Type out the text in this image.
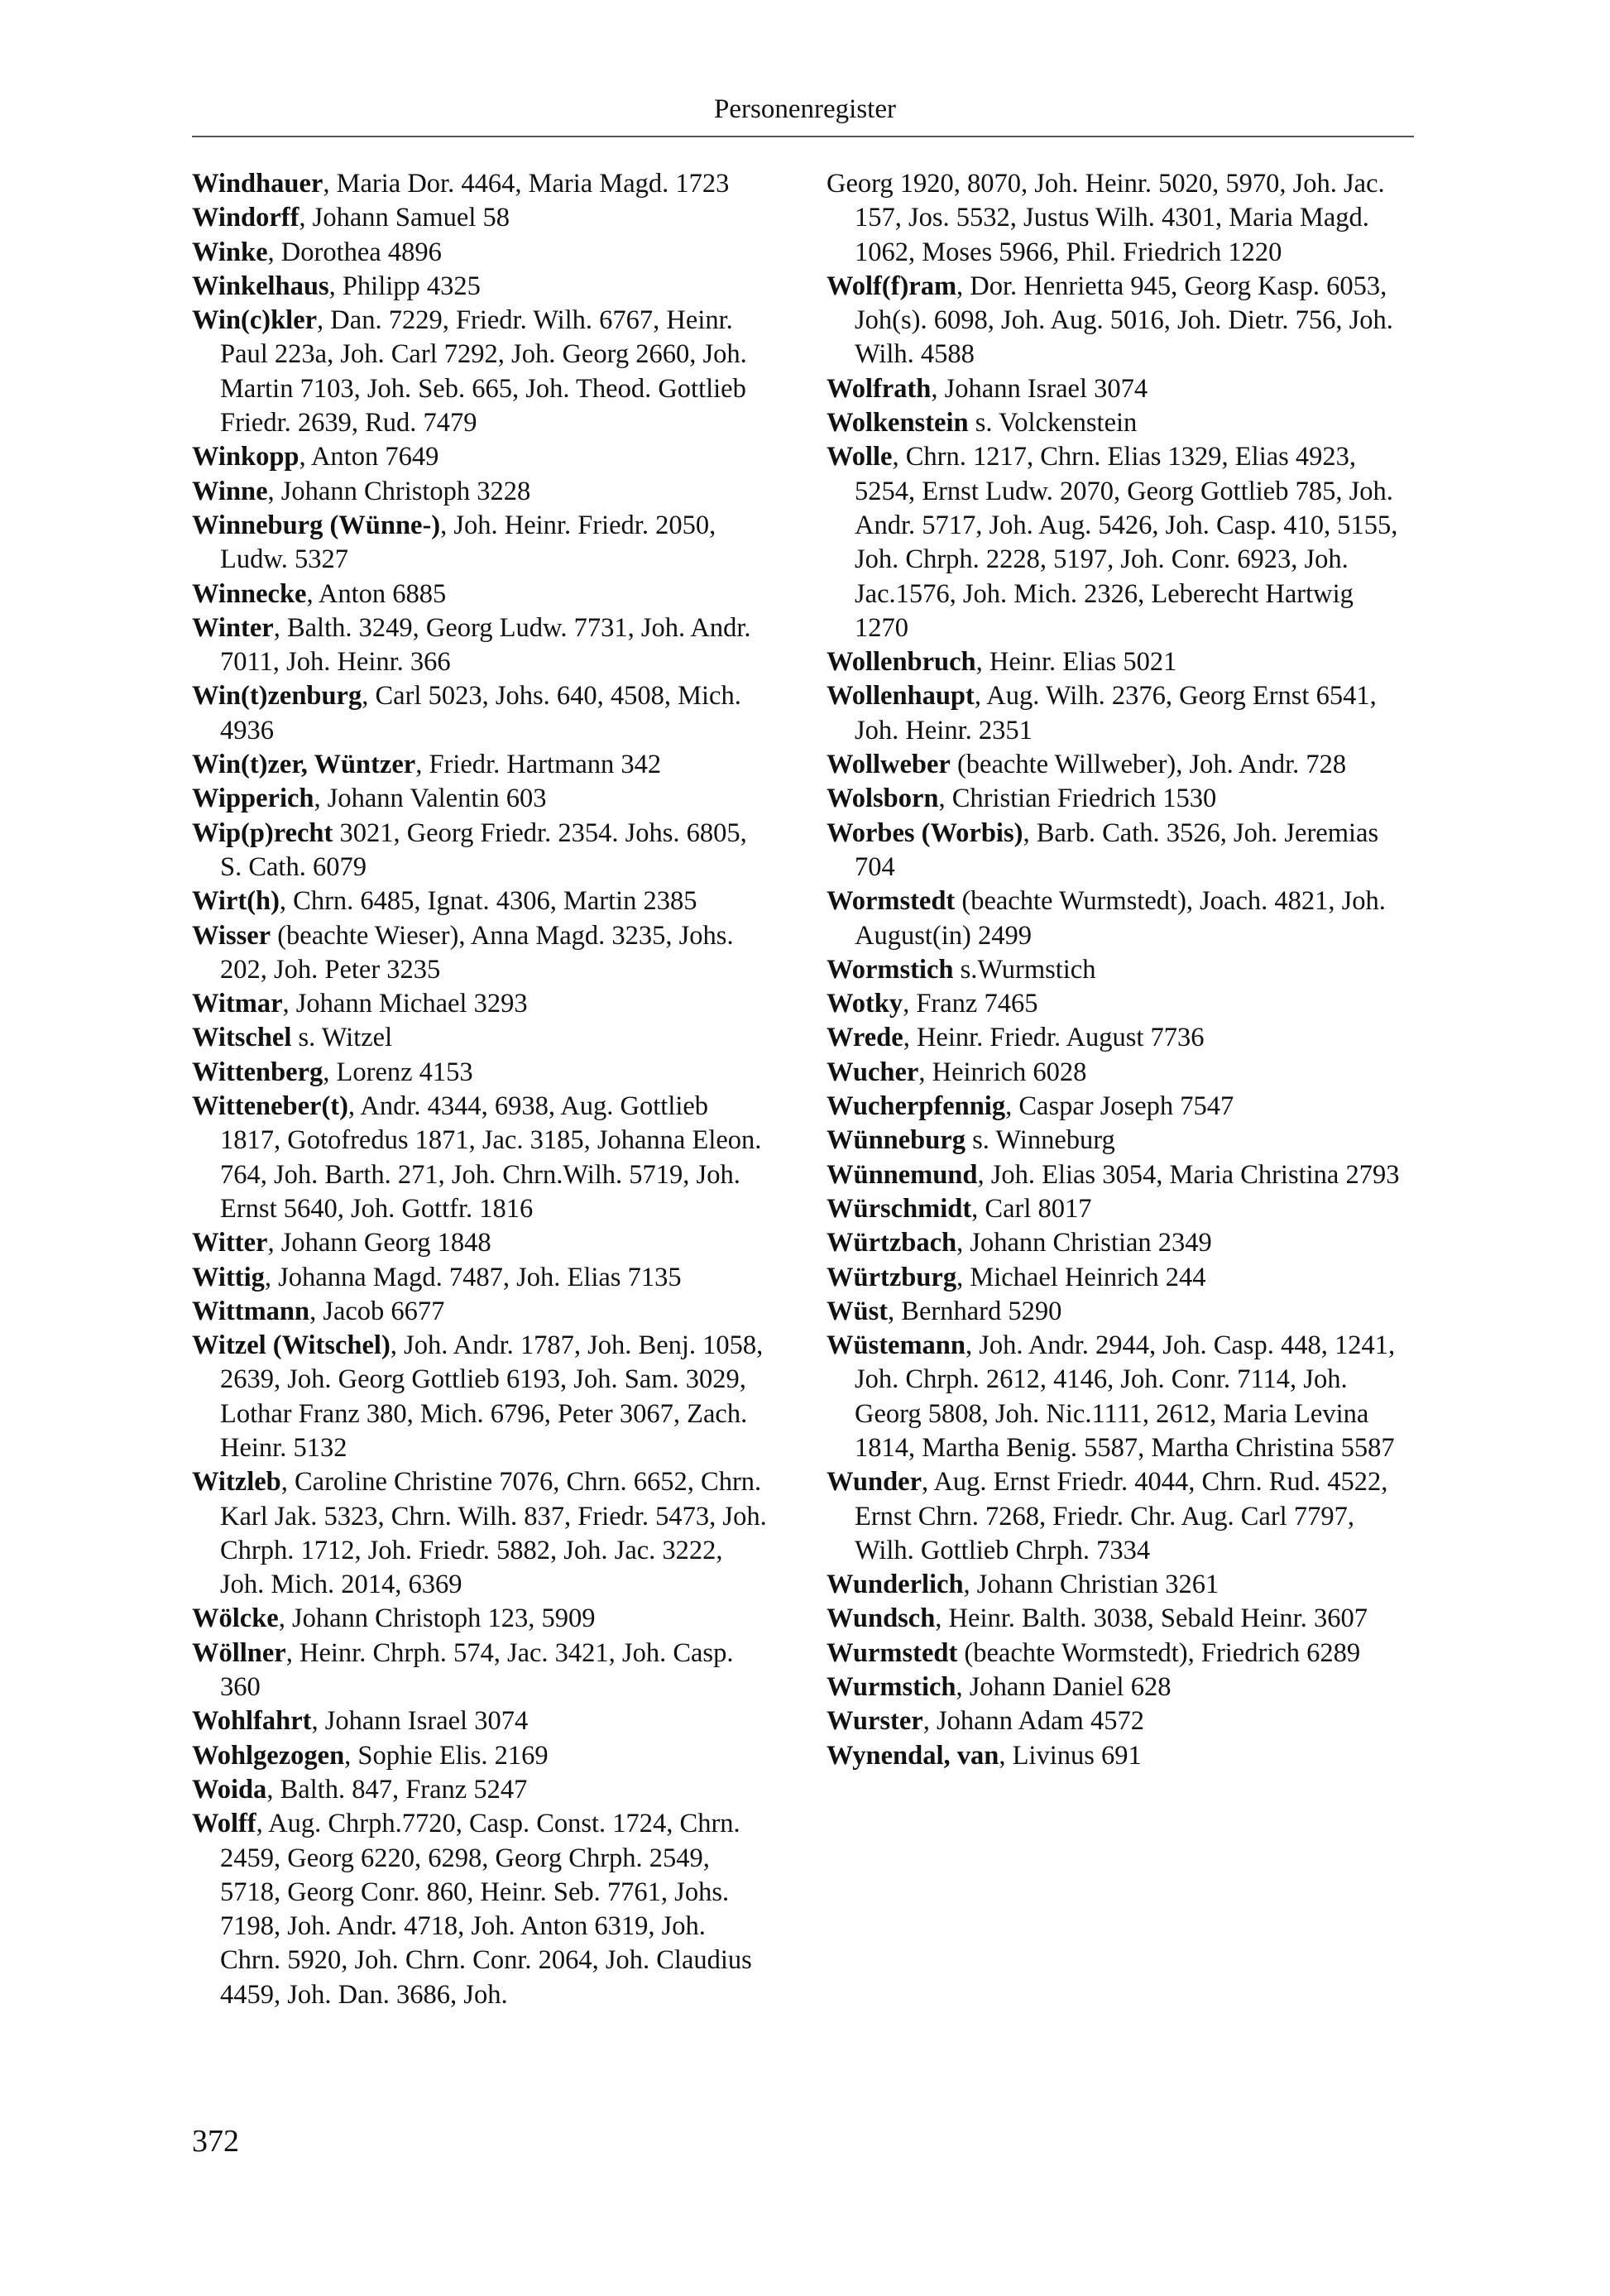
Personenregister
Windhauer, Maria Dor. 4464, Maria Magd. 1723
Windorff, Johann Samuel 58
Winke, Dorothea 4896
Winkelhaus, Philipp 4325
Win(c)kler, Dan. 7229, Friedr. Wilh. 6767, Heinr. Paul 223a, Joh. Carl 7292, Joh. Georg 2660, Joh. Martin 7103, Joh. Seb. 665, Joh. Theod. Gottlieb Friedr. 2639, Rud. 7479
Winkopp, Anton 7649
Winne, Johann Christoph 3228
Winneburg (Wünne-), Joh. Heinr. Friedr. 2050, Ludw. 5327
Winnecke, Anton 6885
Winter, Balth. 3249, Georg Ludw. 7731, Joh. Andr. 7011, Joh. Heinr. 366
Win(t)zenburg, Carl 5023, Johs. 640, 4508, Mich. 4936
Win(t)zer, Wüntzer, Friedr. Hartmann 342
Wipperich, Johann Valentin 603
Wip(p)recht 3021, Georg Friedr. 2354. Johs. 6805, S. Cath. 6079
Wirt(h), Chrn. 6485, Ignat. 4306, Martin 2385
Wisser (beachte Wieser), Anna Magd. 3235, Johs. 202, Joh. Peter 3235
Witmar, Johann Michael 3293
Witschel s. Witzel
Wittenberg, Lorenz 4153
Witteneber(t), Andr. 4344, 6938, Aug. Gottlieb 1817, Gotofredus 1871, Jac. 3185, Johanna Eleon. 764, Joh. Barth. 271, Joh. Chrn.Wilh. 5719, Joh. Ernst 5640, Joh. Gottfr. 1816
Witter, Johann Georg 1848
Wittig, Johanna Magd. 7487, Joh. Elias 7135
Wittmann, Jacob 6677
Witzel (Witschel), Joh. Andr. 1787, Joh. Benj. 1058, 2639, Joh. Georg Gottlieb 6193, Joh. Sam. 3029, Lothar Franz 380, Mich. 6796, Peter 3067, Zach. Heinr. 5132
Witzleb, Caroline Christine 7076, Chrn. 6652, Chrn. Karl Jak. 5323, Chrn. Wilh. 837, Friedr. 5473, Joh. Chrph. 1712, Joh. Friedr. 5882, Joh. Jac. 3222, Joh. Mich. 2014, 6369
Wölcke, Johann Christoph 123, 5909
Wöllner, Heinr. Chrph. 574, Jac. 3421, Joh. Casp. 360
Wohlfahrt, Johann Israel 3074
Wohlgezogen, Sophie Elis. 2169
Woida, Balth. 847, Franz 5247
Wolff, Aug. Chrph.7720, Casp. Const. 1724, Chrn. 2459, Georg 6220, 6298, Georg Chrph. 2549, 5718, Georg Conr. 860, Heinr. Seb. 7761, Johs. 7198, Joh. Andr. 4718, Joh. Anton 6319, Joh. Chrn. 5920, Joh. Chrn. Conr. 2064, Joh. Claudius 4459, Joh. Dan. 3686, Joh.
Georg 1920, 8070, Joh. Heinr. 5020, 5970, Joh. Jac. 157, Jos. 5532, Justus Wilh. 4301, Maria Magd. 1062, Moses 5966, Phil. Friedrich 1220
Wolf(f)ram, Dor. Henrietta 945, Georg Kasp. 6053, Joh(s). 6098, Joh. Aug. 5016, Joh. Dietr. 756, Joh. Wilh. 4588
Wolfrath, Johann Israel 3074
Wolkenstein s. Volckenstein
Wolle, Chrn. 1217, Chrn. Elias 1329, Elias 4923, 5254, Ernst Ludw. 2070, Georg Gottlieb 785, Joh. Andr. 5717, Joh. Aug. 5426, Joh. Casp. 410, 5155, Joh. Chrph. 2228, 5197, Joh. Conr. 6923, Joh. Jac.1576, Joh. Mich. 2326, Leberecht Hartwig 1270
Wollenbruch, Heinr. Elias 5021
Wollenhaupt, Aug. Wilh. 2376, Georg Ernst 6541, Joh. Heinr. 2351
Wollweber (beachte Willweber), Joh. Andr. 728
Wolsborn, Christian Friedrich 1530
Worbes (Worbis), Barb. Cath. 3526, Joh. Jeremias 704
Wormstedt (beachte Wurmstedt), Joach. 4821, Joh. August(in) 2499
Wormstich s.Wurmstich
Wotky, Franz 7465
Wrede, Heinr. Friedr. August 7736
Wucher, Heinrich 6028
Wucherpfennig, Caspar Joseph 7547
Wünneburg s. Winneburg
Wünnemund, Joh. Elias 3054, Maria Christina 2793
Würschmidt, Carl 8017
Würtzbach, Johann Christian 2349
Würtzburg, Michael Heinrich 244
Wüst, Bernhard 5290
Wüstemann, Joh. Andr. 2944, Joh. Casp. 448, 1241, Joh. Chrph. 2612, 4146, Joh. Conr. 7114, Joh. Georg 5808, Joh. Nic.1111, 2612, Maria Levina 1814, Martha Benig. 5587, Martha Christina 5587
Wunder, Aug. Ernst Friedr. 4044, Chrn. Rud. 4522, Ernst Chrn. 7268, Friedr. Chr. Aug. Carl 7797, Wilh. Gottlieb Chrph. 7334
Wunderlich, Johann Christian 3261
Wundsch, Heinr. Balth. 3038, Sebald Heinr. 3607
Wurmstedt (beachte Wormstedt), Friedrich 6289
Wurmstich, Johann Daniel 628
Wurster, Johann Adam 4572
Wynendal, van, Livinus 691
372
